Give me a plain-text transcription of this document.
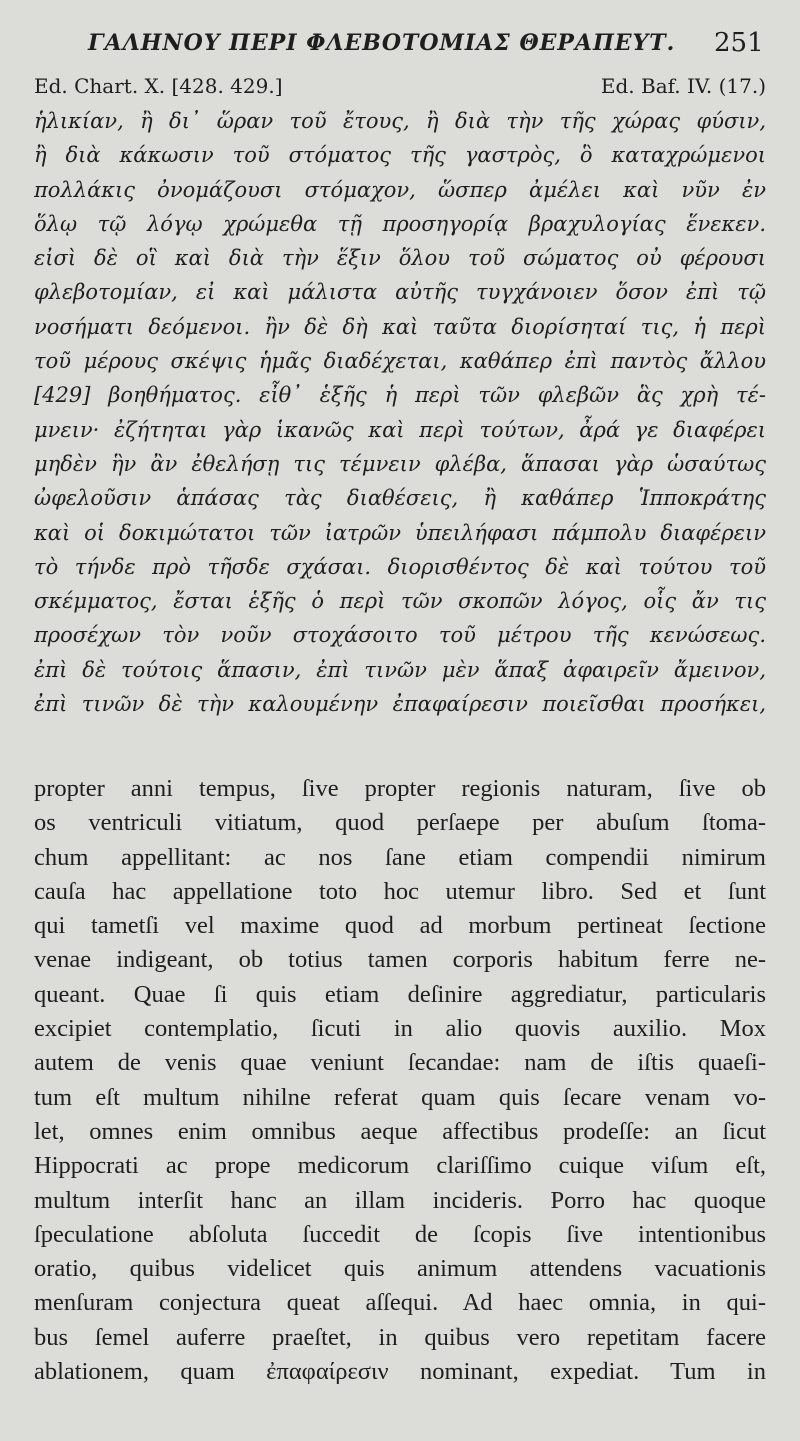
ΓΑΛΗΝΟΥ ΠΕΡΙ ΦΛΕΒΟΤΟΜΙΑΣ ΘΕΡΑΠΕΥΤ. 251
Ed. Chart. X. [428. 429.]	Ed. Baf. IV. (17.)
ἡλικίαν, ἢ δι᾽ ὥραν τοῦ ἔτους, ἢ διὰ τὴν τῆς χώρας φύσιν,
ἢ διὰ κάκωσιν τοῦ στόματος τῆς γαστρὸς, ὃ καταχρώμενοι
πολλάκις ὀνομάζουσι στόμαχον, ὥσπερ ἀμέλει καὶ νῦν ἐν
ὅλῳ τῷ λόγῳ χρώμεθα τῇ προσηγορίᾳ βραχυλογίας ἕνεκεν.
εἰσὶ δὲ οἳ καὶ διὰ τὴν ἕξιν ὅλου τοῦ σώματος οὐ φέρουσι
φλεβοτομίαν, εἰ καὶ μάλιστα αὐτῆς τυγχάνοιεν ὅσον ἐπὶ τῷ
νοσήματι δεόμενοι. ἢν δὲ δὴ καὶ ταῦτα διορίσηταί τις, ἡ περὶ
τοῦ μέρους σκέψις ἡμᾶς διαδέχεται, καθάπερ ἐπὶ παντὸς ἄλλου
[429] βοηθήματος. εἶθ᾽ ἑξῆς ἡ περὶ τῶν φλεβῶν ἃς χρὴ τέ-
μνειν· ἐζήτηται γὰρ ἱκανῶς καὶ περὶ τούτων, ἆρά γε διαφέρει
μηδὲν ἣν ἂν ἐθελήσῃ τις τέμνειν φλέβα, ἅπασαι γὰρ ὡσαύτως
ὠφελοῦσιν ἁπάσας τὰς διαθέσεις, ἢ καθάπερ Ἱπποκράτης
καὶ οἱ δοκιμώτατοι τῶν ἰατρῶν ὑπειλήφασι πάμπολυ διαφέρειν
τὸ τήνδε πρὸ τῆσδε σχάσαι. διορισθέντος δὲ καὶ τούτου τοῦ
σκέμματος, ἔσται ἑξῆς ὁ περὶ τῶν σκοπῶν λόγος, οἷς ἄν τις
προσέχων τὸν νοῦν στοχάσοιτο τοῦ μέτρου τῆς κενώσεως.
ἐπὶ δὲ τούτοις ἅπασιν, ἐπὶ τινῶν μὲν ἅπαξ ἀφαιρεῖν ἄμεινον,
ἐπὶ τινῶν δὲ τὴν καλουμένην ἐπαφαίρεσιν ποιεῖσθαι προσήκει,
propter anni tempus, ſive propter regionis naturam, ſive ob
os ventriculi vitiatum, quod perſaepe per abuſum ſtoma-
chum appellitant: ac nos ſane etiam compendii nimirum
cauſa hac appellatione toto hoc utemur libro. Sed et ſunt
qui tametſi vel maxime quod ad morbum pertineat ſectione
venae indigeant, ob totius tamen corporis habitum ferre ne-
queant. Quae ſi quis etiam deſinire aggrediatur, particularis
excipiet contemplatio, ſicuti in alio quovis auxilio. Mox
autem de venis quae veniunt ſecandae: nam de iſtis quaeſi-
tum eſt multum nihilne referat quam quis ſecare venam vo-
let, omnes enim omnibus aeque affectibus prodeſſe: an ſicut
Hippocrati ac prope medicorum clariſſimo cuique viſum eſt,
multum interſit hanc an illam incideris. Porro hac quoque
ſpeculatione abſoluta ſuccedit de ſcopis ſive intentionibus
oratio, quibus videlicet quis animum attendens vacuationis
menſuram conjectura queat aſſequi. Ad haec omnia, in qui-
bus ſemel auferre praeſtet, in quibus vero repetitam facere
ablationem, quam ἐπαφαίρεσιν nominant, expediat. Tum in
